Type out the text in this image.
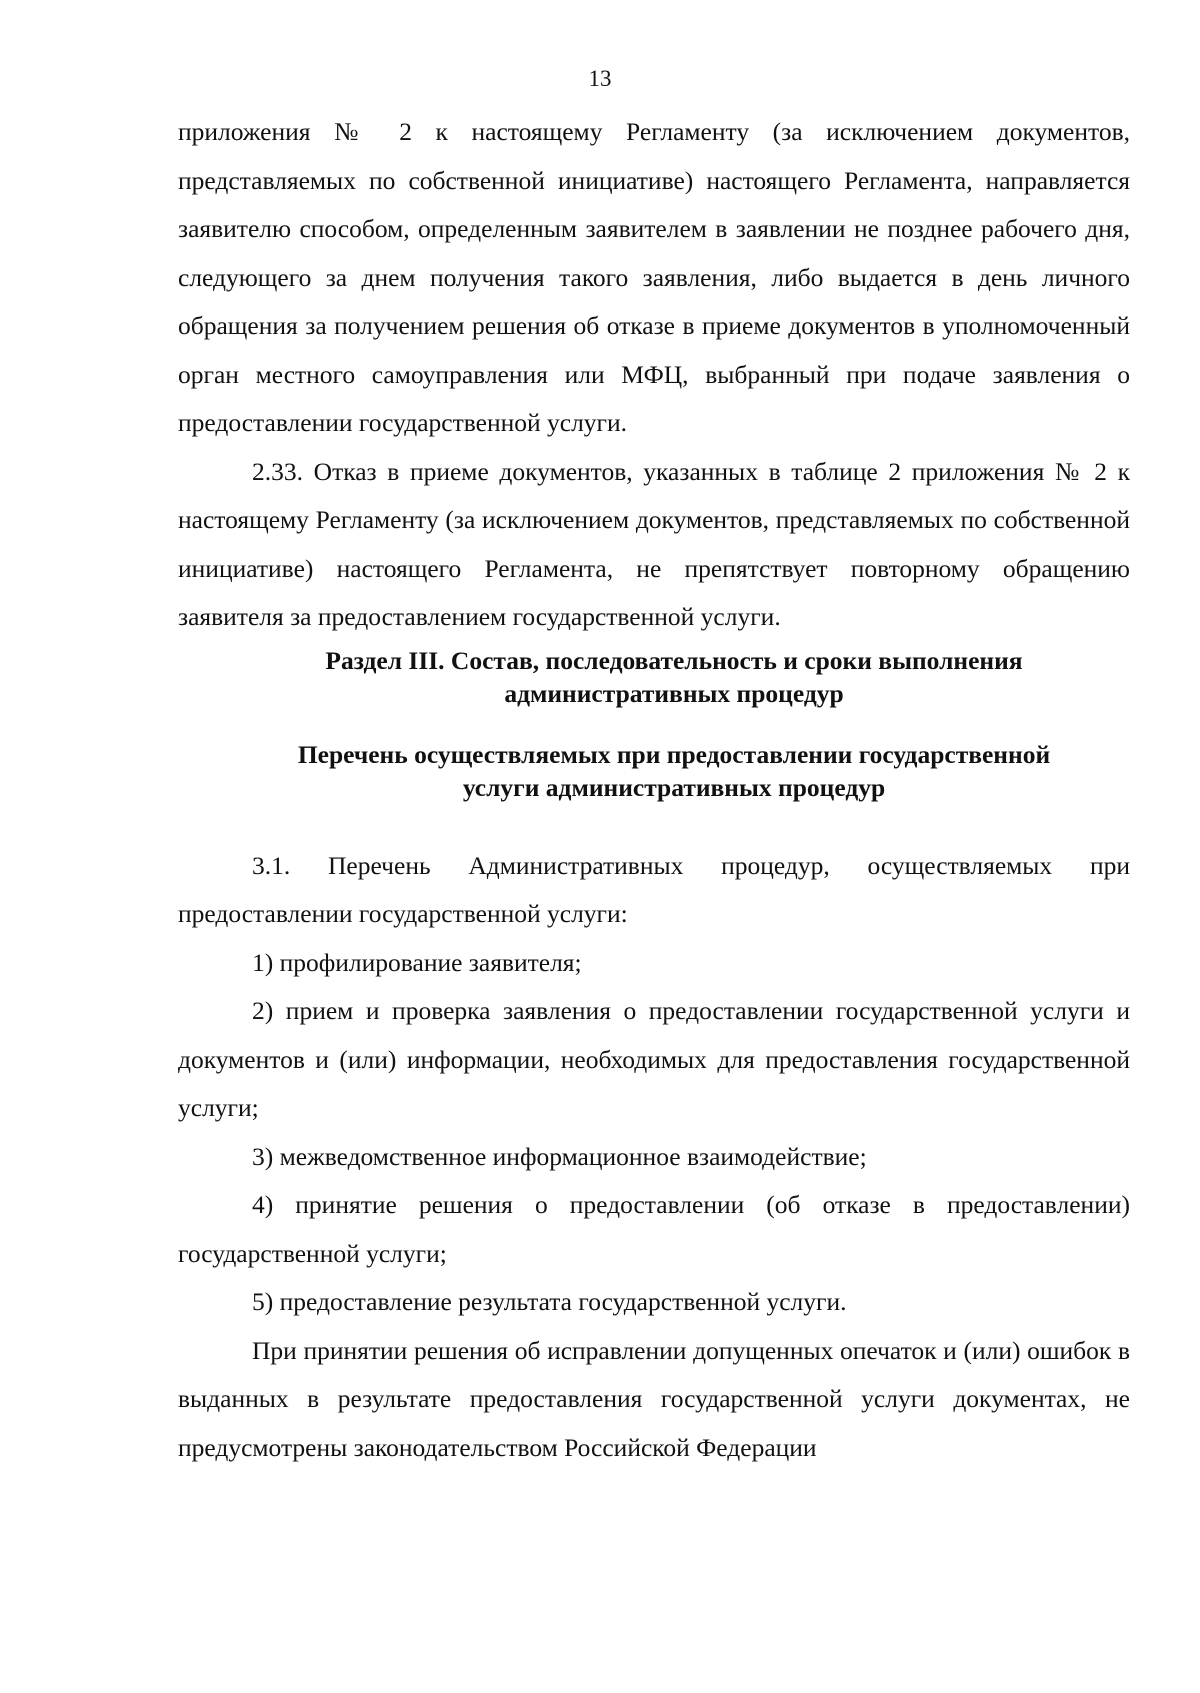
13

приложения № 2 к настоящему Регламенту (за исключением документов, представляемых по собственной инициативе) настоящего Регламента, направляется заявителю способом, определенным заявителем в заявлении не позднее рабочего дня, следующего за днем получения такого заявления, либо выдается в день личного обращения за получением решения об отказе в приеме документов в уполномоченный орган местного самоуправления или МФЦ, выбранный при подаче заявления о предоставлении государственной услуги.

2.33. Отказ в приеме документов, указанных в таблице 2 приложения № 2 к настоящему Регламенту (за исключением документов, представляемых по собственной инициативе) настоящего Регламента, не препятствует повторному обращению заявителя за предоставлением государственной услуги.

Раздел III. Состав, последовательность и сроки выполнения
административных процедур
Перечень осуществляемых при предоставлении государственной
услуги административных процедур

3.1. Перечень Административных процедур, осуществляемых при предоставлении государственной услуги:

1) профилирование заявителя;

2) прием и проверка заявления о предоставлении государственной услуги и документов и (или) информации, необходимых для предоставления государственной услуги;

3) межведомственное информационное взаимодействие;

4) принятие решения о предоставлении (об отказе в предоставлении) государственной услуги;

5) предоставление результата государственной услуги.

При принятии решения об исправлении допущенных опечаток и (или) ошибок в выданных в результате предоставления государственной услуги документах, не предусмотрены законодательством Российской Федерации
